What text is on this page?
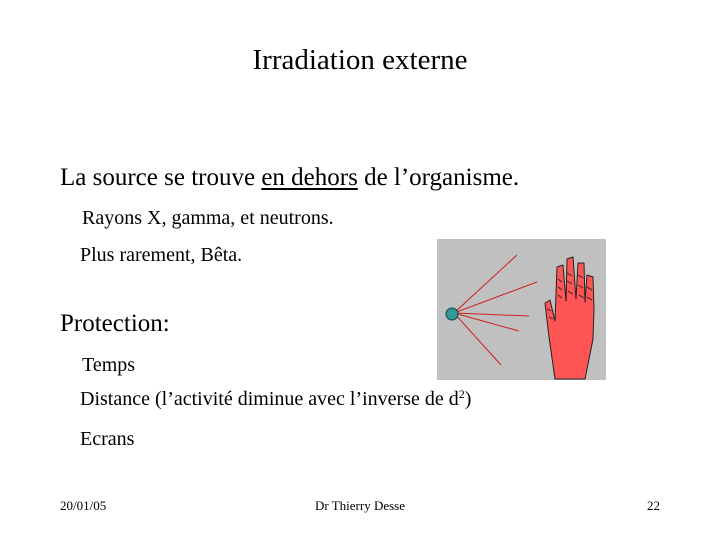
Irradiation externe
La source se trouve en dehors de l’organisme.
Rayons X, gamma, et neutrons.
Plus rarement, Bêta.
Protection:
Temps
Distance (l’activité diminue avec l’inverse de $d^2$)
Ecrans
20/01/05	Dr Thierry Desse	22
